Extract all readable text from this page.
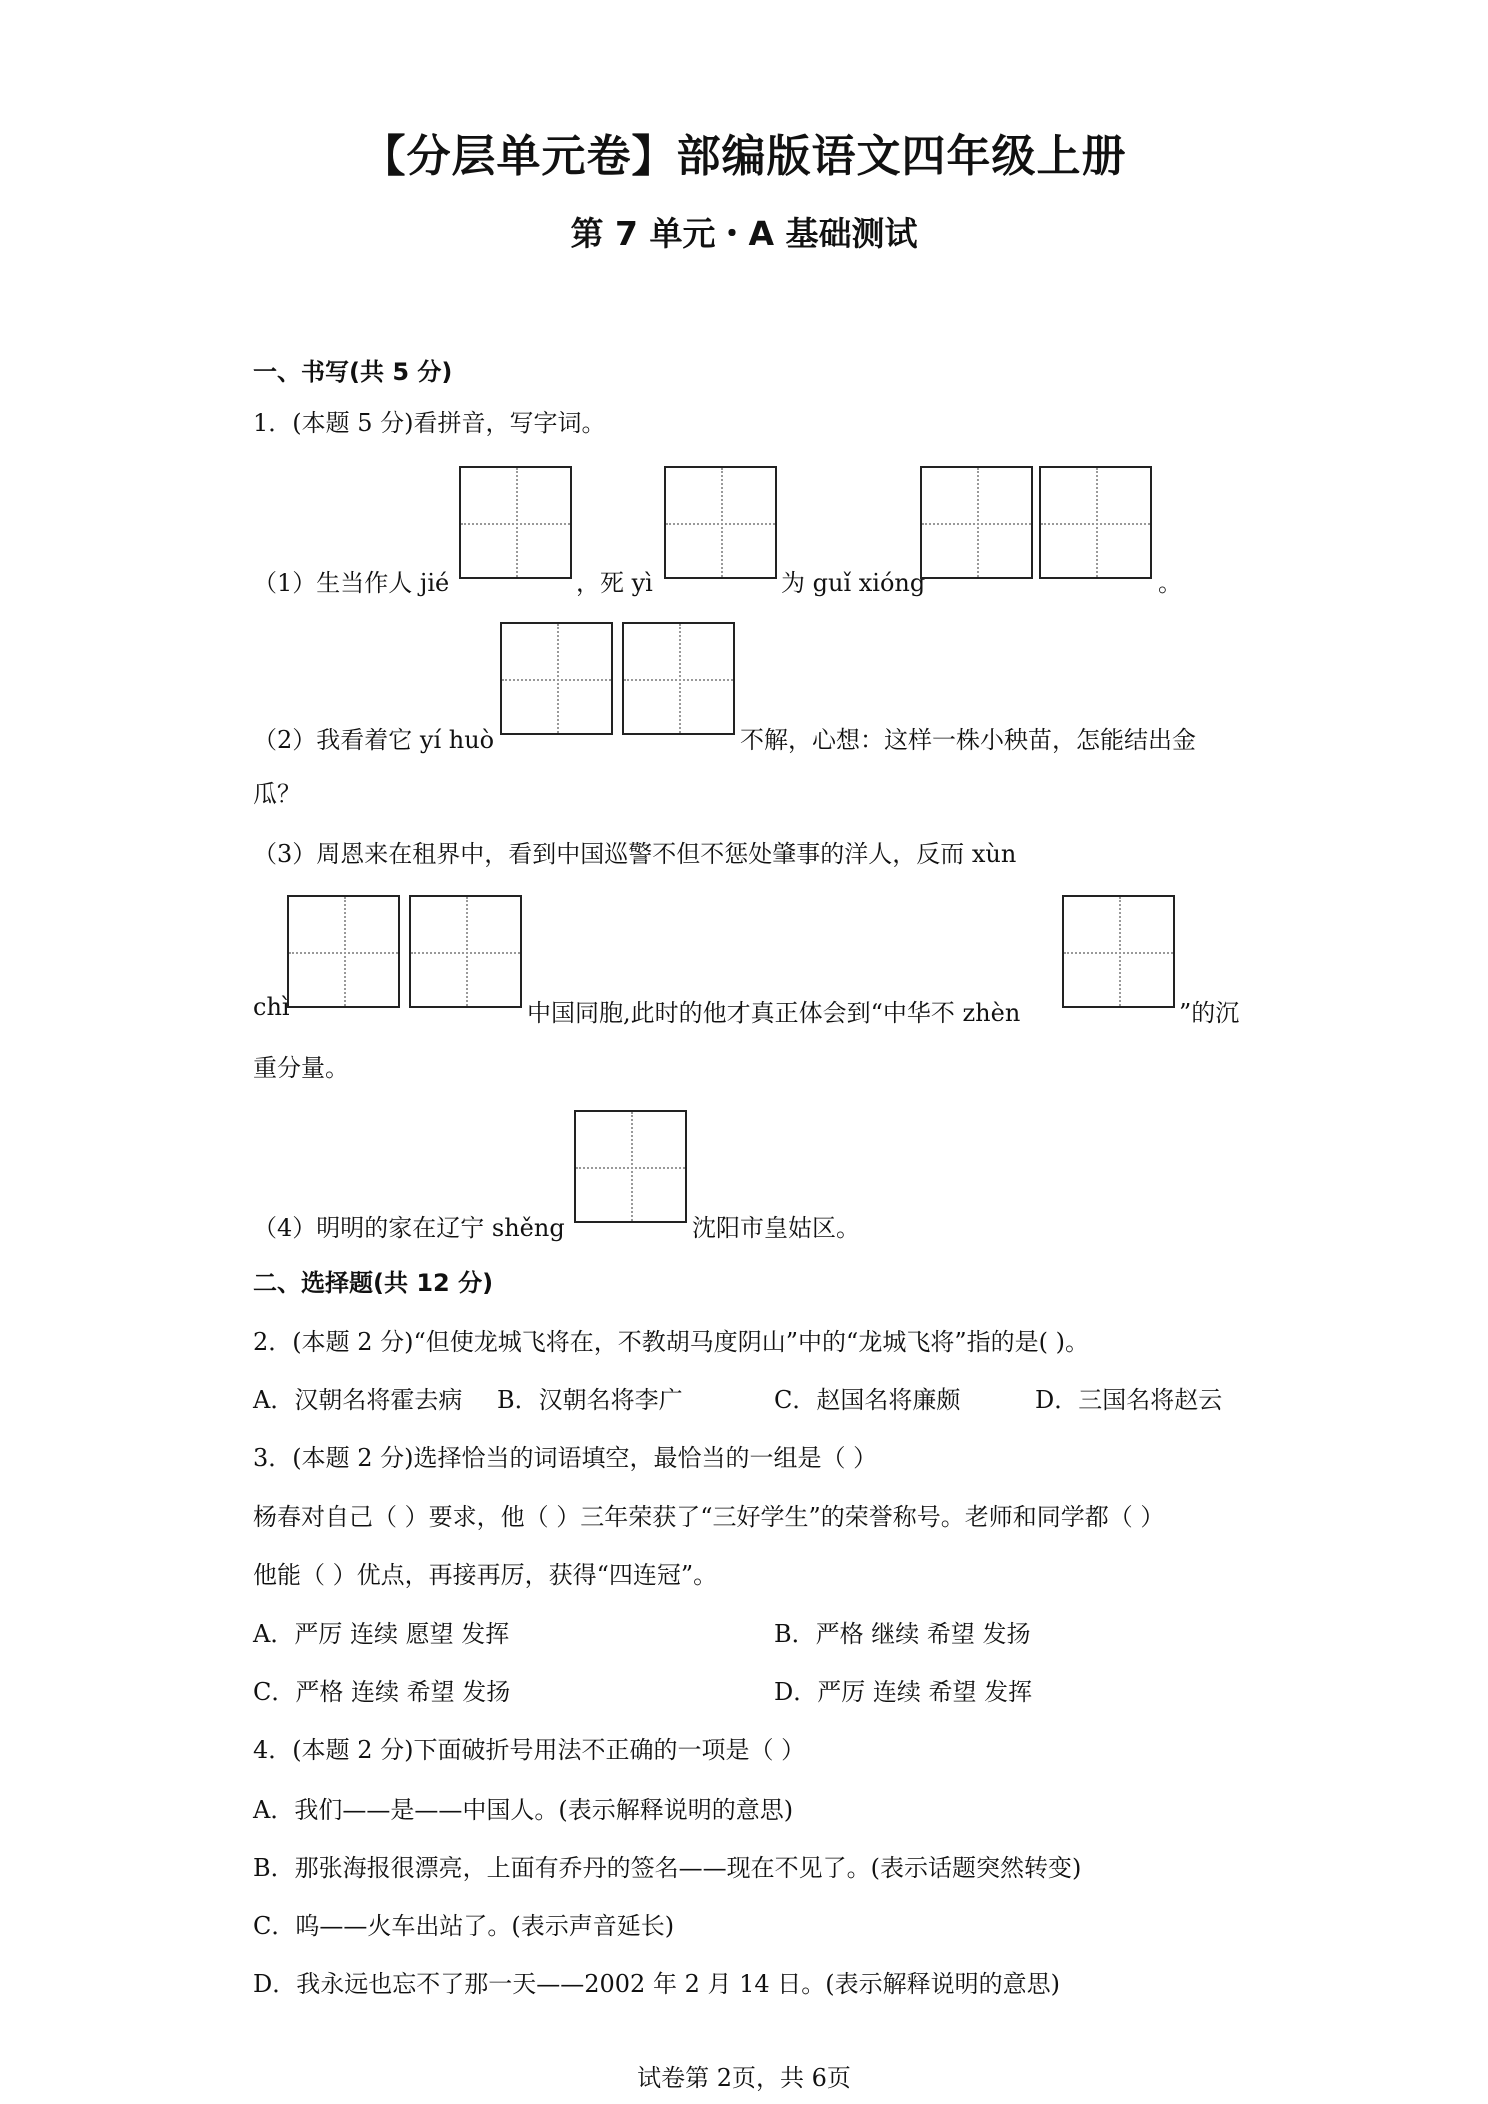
【分层单元卷】部编版语文四年级上册
第 7 单元・A 基础测试
一、书写(共 5 分)
1．(本题 5 分)看拼音，写字词。
（1）生当作人 jié	，死 yì	为 guǐ xióng	。
（2）我看着它 yí huò	不解，心想：这样一株小秧苗，怎能结出金
瓜？
（3）周恩来在租界中，看到中国巡警不但不惩处肇事的洋人，反而 xùn
chì	中国同胞,此时的他才真正体会到“中华不 zhèn	”的沉
重分量。
（4）明明的家在辽宁 shěng	沈阳市皇姑区。
二、选择题(共 12 分)
2．(本题 2 分)“但使龙城飞将在，不教胡马度阴山”中的“龙城飞将”指的是( )。
A．汉朝名将霍去病 B．汉朝名将李广	C．赵国名将廉颇	D．三国名将赵云
3．(本题 2 分)选择恰当的词语填空，最恰当的一组是（ ）
杨春对自己（ ）要求，他（ ）三年荣获了“三好学生”的荣誉称号。老师和同学都（ ）
他能（ ）优点，再接再厉，获得“四连冠”。
A．严厉 连续 愿望 发挥	B．严格 继续 希望 发扬
C．严格 连续 希望 发扬	D．严厉 连续 希望 发挥
4．(本题 2 分)下面破折号用法不正确的一项是（ ）
A．我们——是——中国人。(表示解释说明的意思)
B．那张海报很漂亮，上面有乔丹的签名——现在不见了。(表示话题突然转变)
C．呜——火车出站了。(表示声音延长)
D．我永远也忘不了那一天——2002 年 2 月 14 日。(表示解释说明的意思)
试卷第 2页，共 6页
